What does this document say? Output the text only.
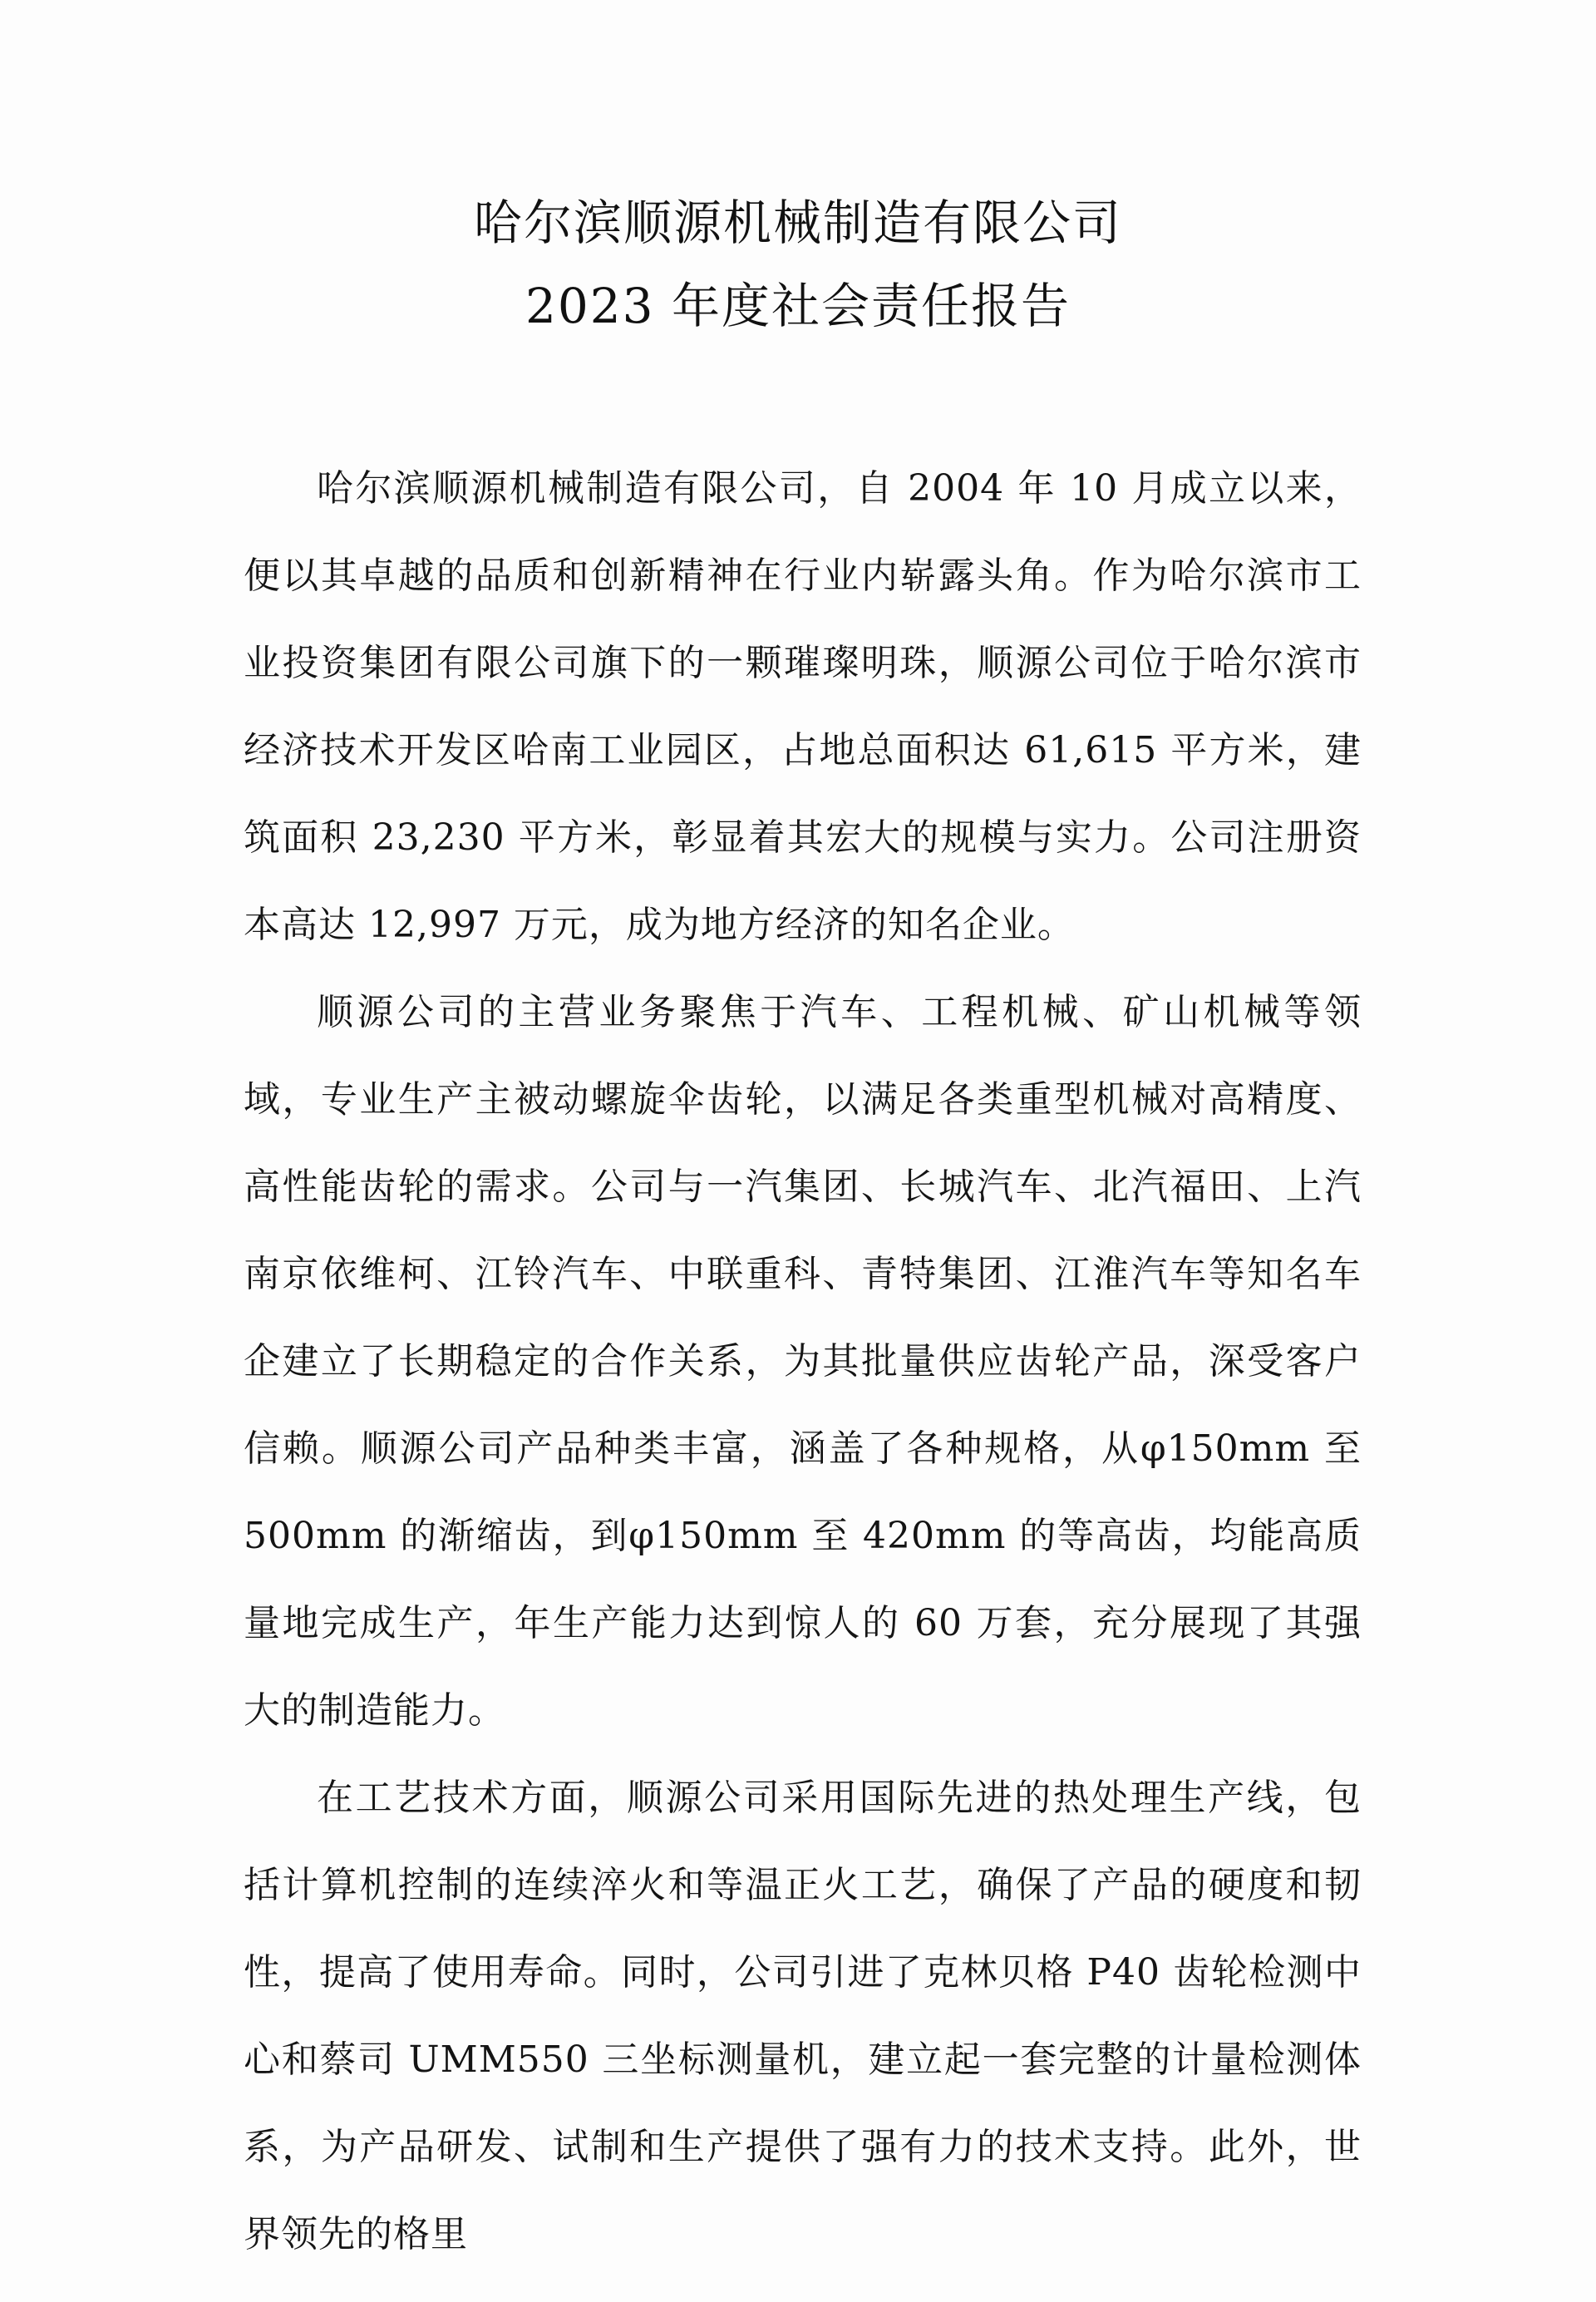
哈尔滨顺源机械制造有限公司
2023 年度社会责任报告

哈尔滨顺源机械制造有限公司，自 2004 年 10 月成立以来，便以其卓越的品质和创新精神在行业内崭露头角。作为哈尔滨市工业投资集团有限公司旗下的一颗璀璨明珠，顺源公司位于哈尔滨市经济技术开发区哈南工业园区，占地总面积达 61,615 平方米，建筑面积 23,230 平方米，彰显着其宏大的规模与实力。公司注册资本高达 12,997 万元，成为地方经济的知名企业。

顺源公司的主营业务聚焦于汽车、工程机械、矿山机械等领域，专业生产主被动螺旋伞齿轮，以满足各类重型机械对高精度、高性能齿轮的需求。公司与一汽集团、长城汽车、北汽福田、上汽南京依维柯、江铃汽车、中联重科、青特集团、江淮汽车等知名车企建立了长期稳定的合作关系，为其批量供应齿轮产品，深受客户信赖。顺源公司产品种类丰富，涵盖了各种规格，从φ150mm 至 500mm 的渐缩齿，到φ150mm 至 420mm 的等高齿，均能高质量地完成生产，年生产能力达到惊人的 60 万套，充分展现了其强大的制造能力。

在工艺技术方面，顺源公司采用国际先进的热处理生产线，包括计算机控制的连续淬火和等温正火工艺，确保了产品的硬度和韧性，提高了使用寿命。同时，公司引进了克林贝格 P40 齿轮检测中心和蔡司 UMM550 三坐标测量机，建立起一套完整的计量检测体系，为产品研发、试制和生产提供了强有力的技术支持。此外，世界领先的格里
